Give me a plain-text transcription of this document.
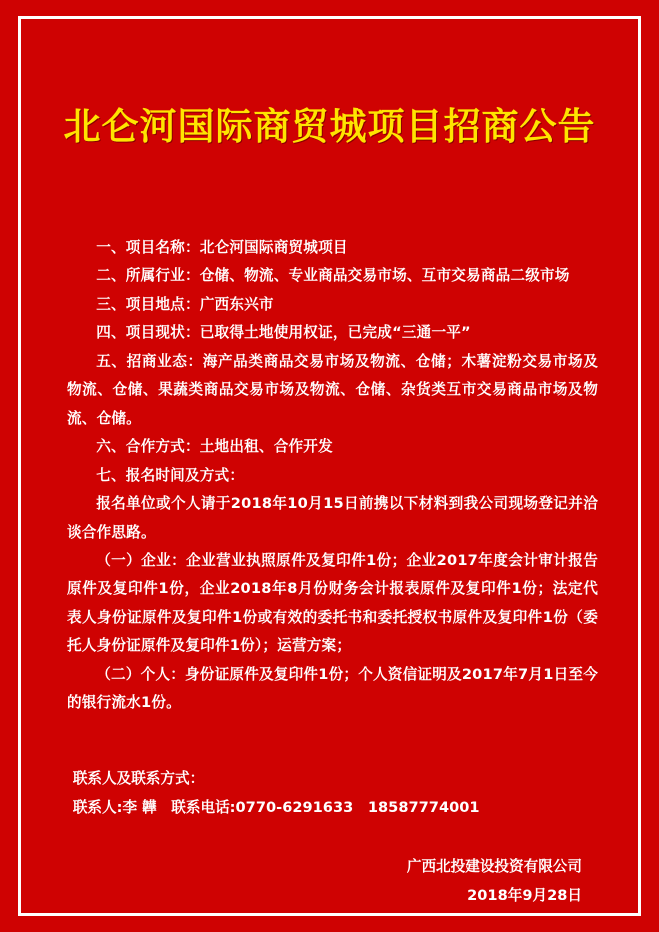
北仑河国际商贸城项目招商公告

一、项目名称：北仑河国际商贸城项目

二、所属行业：仓储、物流、专业商品交易市场、互市交易商品二级市场

三、项目地点：广西东兴市

四、项目现状：已取得土地使用权证，已完成“三通一平”

五、招商业态：海产品类商品交易市场及物流、仓储；木薯淀粉交易市场及物流、仓储、果蔬类商品交易市场及物流、仓储、杂货类互市交易商品市场及物流、仓储。

六、合作方式：土地出租、合作开发

七、报名时间及方式：

报名单位或个人请于2018年10月15日前携以下材料到我公司现场登记并洽谈合作思路。

（一）企业：企业营业执照原件及复印件1份；企业2017年度会计审计报告原件及复印件1份，企业2018年8月份财务会计报表原件及复印件1份；法定代表人身份证原件及复印件1份或有效的委托书和委托授权书原件及复印件1份（委托人身份证原件及复印件1份）；运营方案；

（二）个人：身份证原件及复印件1份；个人资信证明及2017年7月1日至今的银行流水1份。

联系人及联系方式：

联系人:李 韡　联系电话:0770-6291633　18587774001

广西北投建设投资有限公司

2018年9月28日
